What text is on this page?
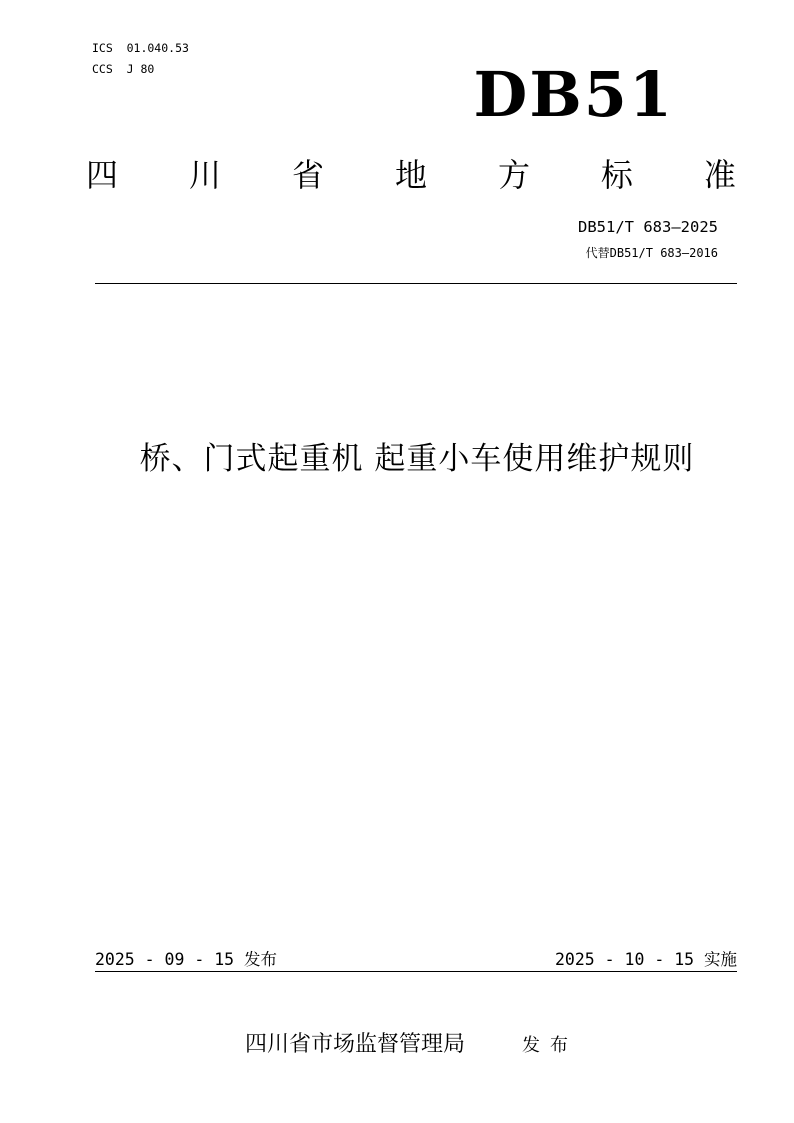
ICS  01.040.53
CCS  J 80	DB51
四 川 省 地 方 标 准
DB51/T 683—2025
代替DB51/T 683—2016
桥、门式起重机 起重小车使用维护规则
2025 - 09 - 15 发布	2025 - 10 - 15 实施
四川省市场监督管理局	发布
